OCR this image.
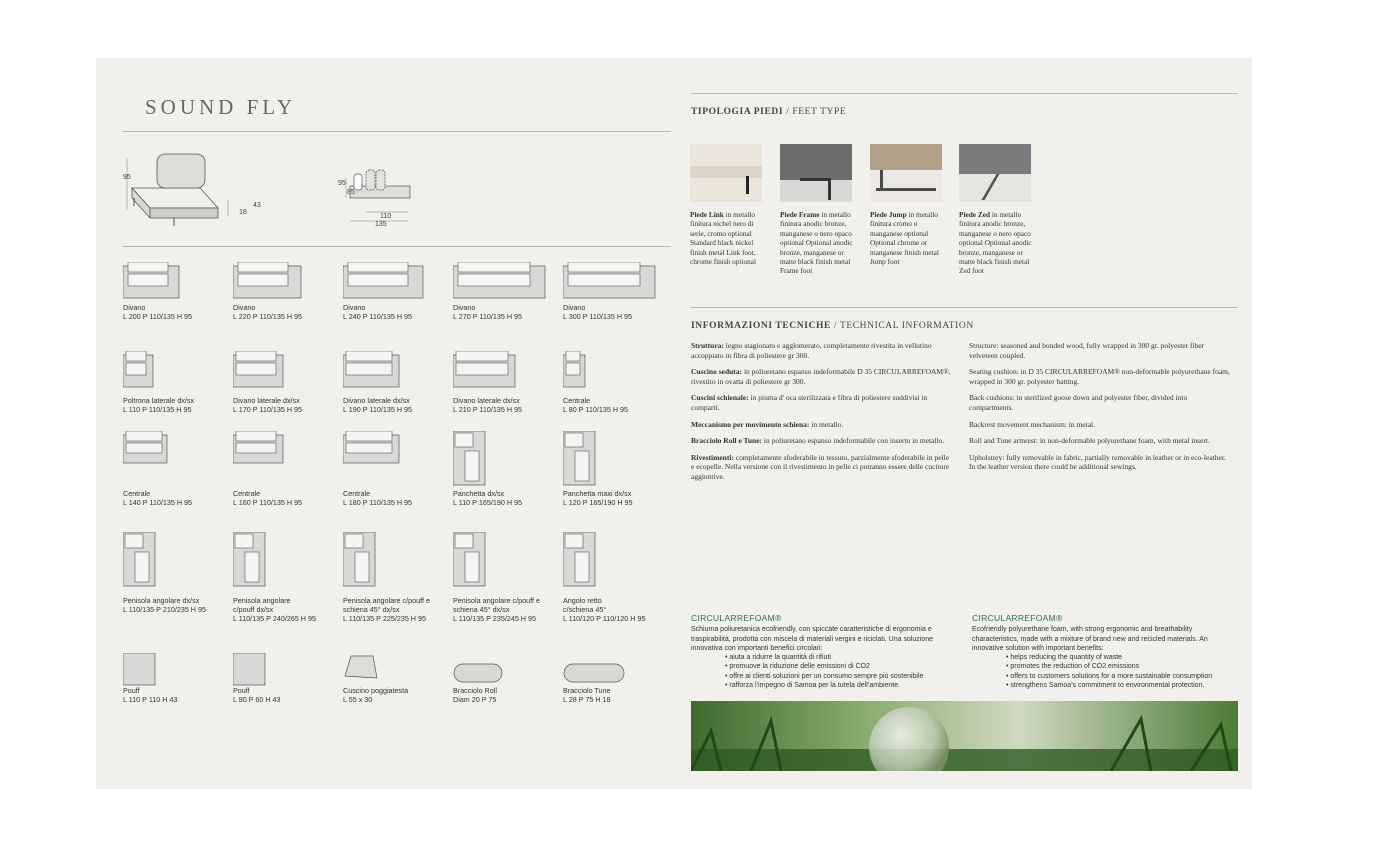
SOUND FLY
95
43
18
95
85
110
135
Divano
L 200 P 110/135 H 95
Divano
L 220 P 110/135 H 95
Divano
L 240 P 110/135 H 95
Divano
L 270 P 110/135 H 95
Divano
L 300 P 110/135 H 95
Poltrona laterale dx/sx
L 110 P 110/135 H 95
Divano laterale dx/sx
L 170 P 110/135 H 95
Divano laterale dx/sx
L 190 P 110/135 H 95
Divano laterale dx/sx
L 210 P 110/135 H 95
Centrale
L 80 P 110/135 H 95
Centrale
L 140 P 110/135 H 95
Centrale
L 160 P 110/135 H 95
Centrale
L 180 P 110/135 H 95
Panchetta dx/sx
L 110 P 165/190 H 95
Panchetta maxi dx/sx
L 120 P 165/190 H 95
Penisola angolare dx/sx
L 110/135 P 210/235 H 95
Penisola angolare
c/pouff dx/sx
L 110/135 P 240/265 H 95
Penisola angolare c/pouff e
schiena 45° dx/sx
L 110/135 P 225/235 H 95
Penisola angolare c/pouff e
schiena 45° dx/sx
L 110/135 P 235/245 H 95
Angolo retto
c/schiena 45°
L 110/120 P 110/120 H 95
Pouff
L 110 P 110 H 43
Pouff
L 80 P 60 H 43
Cuscino poggiatesta
L 55 x 30
Bracciolo Roll
Diam 20 P 75
Bracciolo Tune
L 28 P 75 H 18
TIPOLOGIA PIEDI / FEET TYPE
Piede Link in metallo finitura nichel nero di serie, cromo optional Standard black nickel finish metal Link foot, chrome finish optional
Piede Frame in metallo finitura anodic bronze, manganese o nero opaco optional Optional anodic bronze, manganese or matte black finish metal Frame foot
Piede Jump in metallo finitura cromo o manganese optional Optional chrome or manganese finish metal Jump foot
Piede Zed in metallo finitura anodic bronze, manganese o nero opaco optional Optional anodic bronze, manganese or matte black finish metal Zed foot
INFORMAZIONI TECNICHE / TECHNICAL INFORMATION

Struttura: legno stagionato e agglomerato, completamente rivestita in vellutino accoppiato in fibra di poliestere gr 300.

Cuscino seduta: in poliuretano espanso indeformabile D 35 CIRCULARREFOAM®, rivestito in ovatta di poliestere gr 300.

Cuscini schienale: in piuma d' oca sterilizzata e fibra di poliestere suddivisi in comparti.

Meccanismo per movimento schiena: in metallo.

Bracciolo Roll e Tune: in poliuretano espanso indeformabile con inserto in metallo.

Rivestimenti: completamente sfoderabile in tessuto, parzialmente sfoderabile in pelle e ecopelle. Nella versione con il rivestimento in pelle ci potranno essere delle cuciture aggiuntive.

Structure: seasoned and bonded wood, fully wrapped in 300 gr. polyester fiber velveteen coupled.

Seating cushion: in D 35 CIRCULARREFOAM® non-deformable polyurethane foam, wrapped in 300 gr. polyester batting.

Back cushions: in sterilized goose down and polyester fiber, divided into compartments.

Backrest movement mechanism: in metal.

Roll and Tune armrest: in non-deformable polyurethane foam, with metal insert.

Upholstery: fully removable in fabric, partially removable in leather or in eco-leather. In the leather version there could be additional sewings.

CIRCULARREFOAM®
Schiuma poliuretanica ecofriendly, con spiccate caratteristiche di ergonomia e traspirabilità, prodotta con miscela di materiali vergini e riciclati. Una soluzione innovativa con importanti benefici circolari:
• aiuta a ridurre la quantità di rifiuti
• promuove la riduzione delle emissioni di CO2
• offre ai clienti soluzioni per un consumo sempre più sostenibile
• rafforza l’impegno di Samoa per la tutela dell’ambiente.
CIRCULARREFOAM®
Ecofriendly polyurethane foam, with strong ergonomic and breathability characteristics, made with a mixture of brand new and recicled materials. An innovative solution with important benefits:
• helps reducing the quantity of waste
• promotes the reduction of CO2 emissions
• offers to customers solutions for a more sustainable consumption
• strengthens Samoa’s commitment to environmental protection.
